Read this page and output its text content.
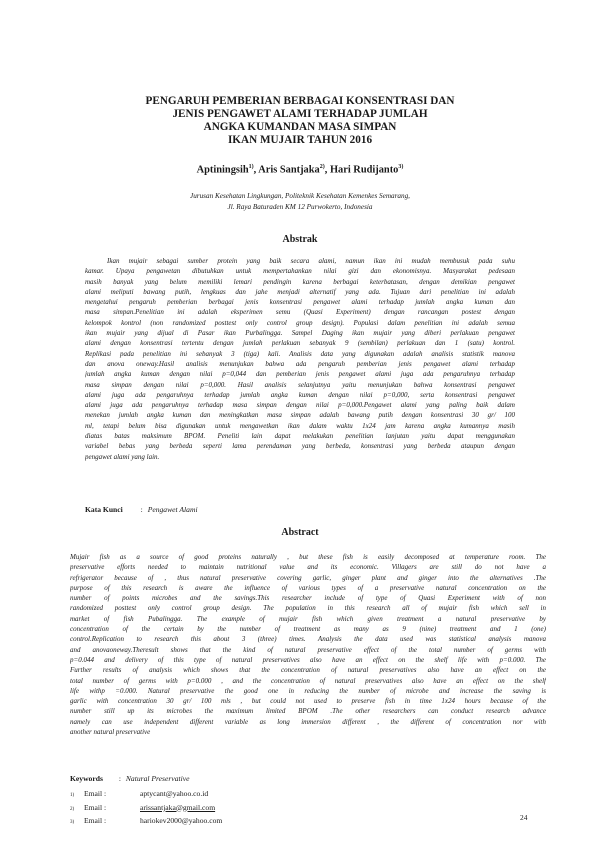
PENGARUH PEMBERIAN BERBAGAI KONSENTRASI DAN
JENIS PENGAWET ALAMI TERHADAP JUMLAH
ANGKA KUMANDAN MASA SIMPAN
IKAN MUJAIR TAHUN 2016
Aptiningsih$^{1)}$, Aris Santjaka$^{2)}$, Hari Rudijanto$^{3)}$
Jurusan Kesehatan Lingkungan, Politeknik Kesehatan Kemenkes Semarang,
Jl. Raya Baturaden KM 12 Purwokerto, Indonesia
Abstrak
Ikan mujair sebagai sumber protein yang baik secara alami, namun ikan ini mudah membusuk pada suhu
kamar. Upaya pengawetan dibutuhkan untuk mempertahankan nilai gizi dan ekonomisnya. Masyarakat pedesaan
masih banyak yang belum memiliki lemari pendingin karena berbagai keterbatasan, dengan demikian pengawet
alami meliputi bawang putih, lengkuas dan jahe menjadi alternatif yang ada. Tujuan dari penelitian ini adalah
mengetahui pengaruh pemberian berbagai jenis konsentrasi pengawet alami terhadap jumlah angka kuman dan
masa simpan.Penelitian ini adalah eksperimen semu (Quasi Experiment) dengan rancangan postest dengan
kelompok kontrol (non randomized posttest only control group design). Populasi dalam penelitian ini adalah semua
ikan mujair yang dijual di Pasar ikan Purbalingga. Sampel Daging ikan mujair yang diberi perlakuan pengawet
alami dengan konsentrasi tertentu dengan jumlah perlakuan sebanyak 9 (sembilan) perlakuan dan 1 (satu) kontrol.
Replikasi pada penelitian ini sebanyak 3 (tiga) kali. Analisis data yang digunakan adalah analisis statistik manova
dan anova oneway.Hasil analisis menunjukan bahwa ada pengaruh pemberian jenis pengawet alami terhadap
jumlah angka kuman dengan nilai p=0,044 dan pemberian jenis pengawet alami juga ada pengaruhnya terhadap
masa simpan dengan nilai p=0,000. Hasil analisis selanjutnya yaitu menunjukan bahwa konsentrasi pengawet
alami juga ada pengaruhnya terhadap jumlah angka kuman dengan nilai p=0,000, serta konsentrasi pengawet
alami juga ada pengaruhnya terhadap masa simpan dengan nilai p=0,000.Pengawet alami yang paling baik dalam
menekan jumlah angka kuman dan meningkatkan masa simpan adalah bawang putih dengan konsentrasi 30 gr/ 100
ml, tetapi belum bisa digunakan untuk mengawetkan ikan dalam waktu 1x24 jam karena angka kumannya masih
diatas batas maksimum BPOM. Peneliti lain dapat melakukan penelitian lanjutan yaitu dapat menggunakan
variabel bebas yang berbeda seperti lama perendaman yang berbeda, konsentrasi yang berbeda ataupun dengan
pengawet alami yang lain.
Kata Kunci : Pengawet Alami
Abstract
Mujair fish as a source of good proteins naturally , but these fish is easily decomposed at temperature room. The
preservative efforts needed to maintain nutritional value and its economic. Villagers are still do not have a
refrigerator because of , thus natural preservative covering garlic, ginger plant and ginger into the alternatives .The
purpose of this research is aware the influence of various types of a preservative natural concentration on the
number of points microbes and the savings.This researcher include of type of Quasi Experiment with of non
randomized posttest only control group design. The population in this research all of mujair fish which sell in
market of fish Pubalingga. The example of mujair fish which given treatment a natural preservative by
concentration of the certain by the number of treatment as many as 9 (nine) treatment and 1 (one)
control.Replication to research this about 3 (three) times. Analysis the data used was statistical analysis manova
and anovaoneway.Theresult shows that the kind of natural preservative effect of the total number of germs with
p=0.044 and delivery of this type of natural preservatives also have an effect on the shelf life with p=0.000. The
Further results of analysis which shows that the concentration of natural preservatives also have an effect on the
total number of germs with p=0.000 , and the concentration of natural preservatives also have an effect on the shelf
life withp =0.000. Natural preservative the good one in reducing the number of microbe and increase the saving is
garlic with concentration 30 gr/ 100 mls , but could not used to preserve fish in time 1x24 hours because of the
number still up its microbes the maximum limited BPOM .The other researchers can conduct research advance
namely can use independent different variable as long immersion different , the different of concentration nor with
another natural preservative
Keywords : Natural Preservative
1)	Email :	aptycant@yahoo.co.id
2)	Email :	arissantjaka@gmail.com
3)	Email :	hariokev2000@yahoo.com	24
